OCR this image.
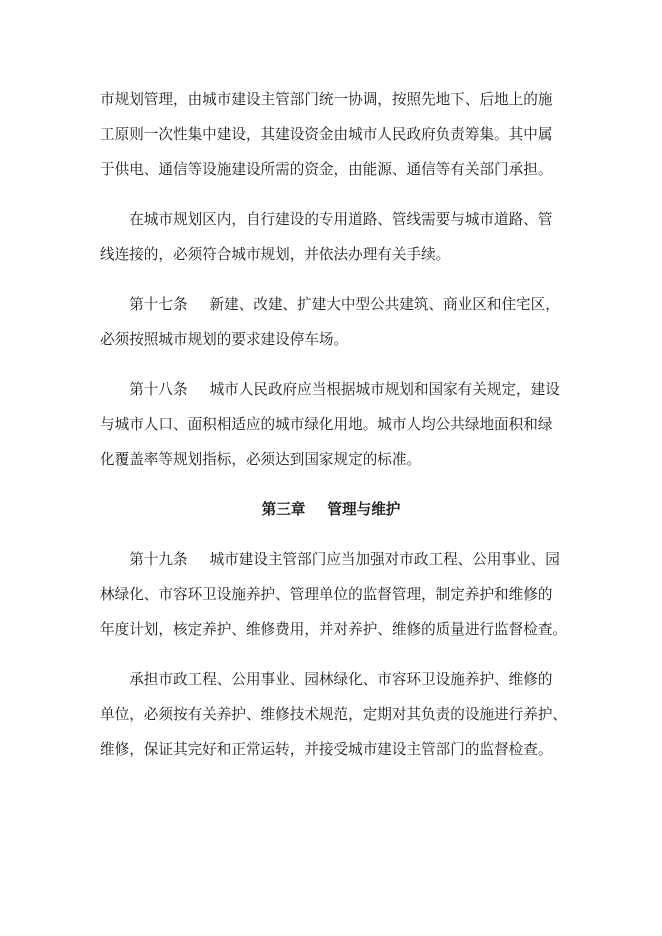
市规划管理，由城市建设主管部门统一协调，按照先地下、后地上的施
工原则一次性集中建设，其建设资金由城市人民政府负责筹集。其中属
于供电、通信等设施建设所需的资金，由能源、通信等有关部门承担。

在城市规划区内，自行建设的专用道路、管线需要与城市道路、管
线连接的，必须符合城市规划，并依法办理有关手续。

第十七条 新建、改建、扩建大中型公共建筑、商业区和住宅区，
必须按照城市规划的要求建设停车场。

第十八条 城市人民政府应当根据城市规划和国家有关规定，建设
与城市人口、面积相适应的城市绿化用地。城市人均公共绿地面积和绿
化覆盖率等规划指标，必须达到国家规定的标准。

第三章 管理与维护

第十九条 城市建设主管部门应当加强对市政工程、公用事业、园
林绿化、市容环卫设施养护、管理单位的监督管理，制定养护和维修的
年度计划，核定养护、维修费用，并对养护、维修的质量进行监督检查。

承担市政工程、公用事业、园林绿化、市容环卫设施养护、维修的
单位，必须按有关养护、维修技术规范，定期对其负责的设施进行养护、
维修，保证其完好和正常运转，并接受城市建设主管部门的监督检查。
